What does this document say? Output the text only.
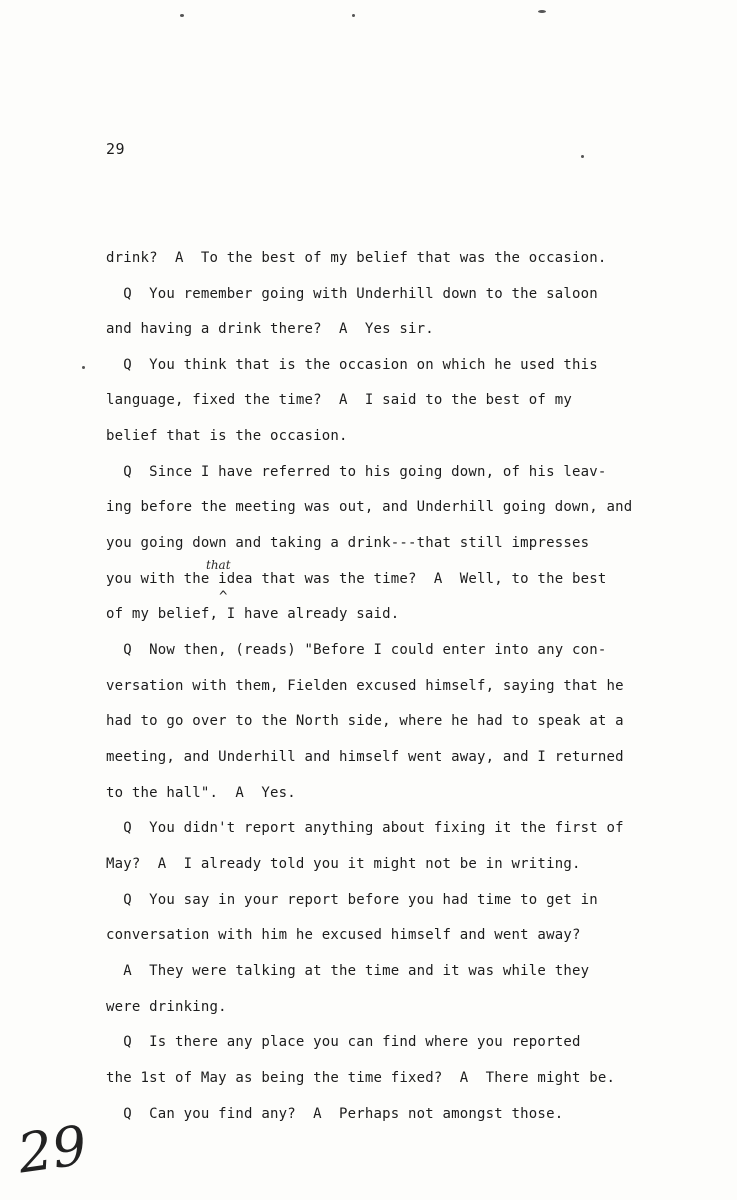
29
drink?  A  To the best of my belief that was the occasion.
Q  You remember going with Underhill down to the saloon
and having a drink there?  A  Yes sir.
Q  You think that is the occasion on which he used this
language, fixed the time?  A  I said to the best of my
belief that is the occasion.
Q  Since I have referred to his going down, of his leav-
ing before the meeting was out, and Underhill going down, and
you going down and taking a drink---that still impresses
you with the idea that was the time?  A  Well, to the best
of my belief, I have already said.
Q  Now then, (reads) "Before I could enter into any con-
versation with them, Fielden excused himself, saying that he
had to go over to the North side, where he had to speak at a
meeting, and Underhill and himself went away, and I returned
to the hall".  A  Yes.
Q  You didn't report anything about fixing it the first of
May?  A  I already told you it might not be in writing.
Q  You say in your report before you had time to get in
conversation with him he excused himself and went away?
A  They were talking at the time and it was while they
were drinking.
Q  Is there any place you can find where you reported
the 1st of May as being the time fixed?  A  There might be.
Q  Can you find any?  A  Perhaps not amongst those.
that
^
29
